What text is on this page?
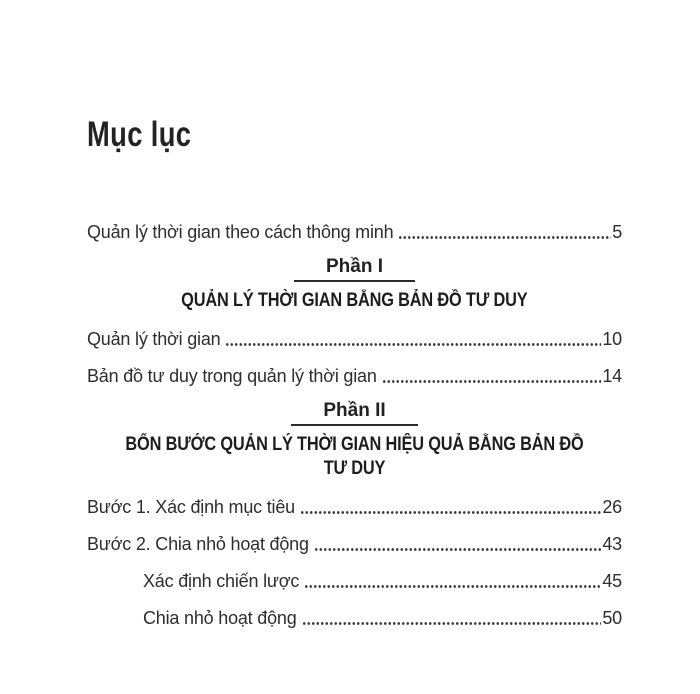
Mục lục
Quản lý thời gian theo cách thông minh	5
Phần I
QUẢN LÝ THỜI GIAN BẰNG BẢN ĐỒ TƯ DUY
Quản lý thời gian	10
Bản đồ tư duy trong quản lý thời gian	14
Phần II
BỐN BƯỚC QUẢN LÝ THỜI GIAN HIỆU QUẢ BẰNG BẢN ĐỒ TƯ DUY
Bước 1. Xác định mục tiêu	26
Bước 2. Chia nhỏ hoạt động	43
Xác định chiến lược	45
Chia nhỏ hoạt động	50
